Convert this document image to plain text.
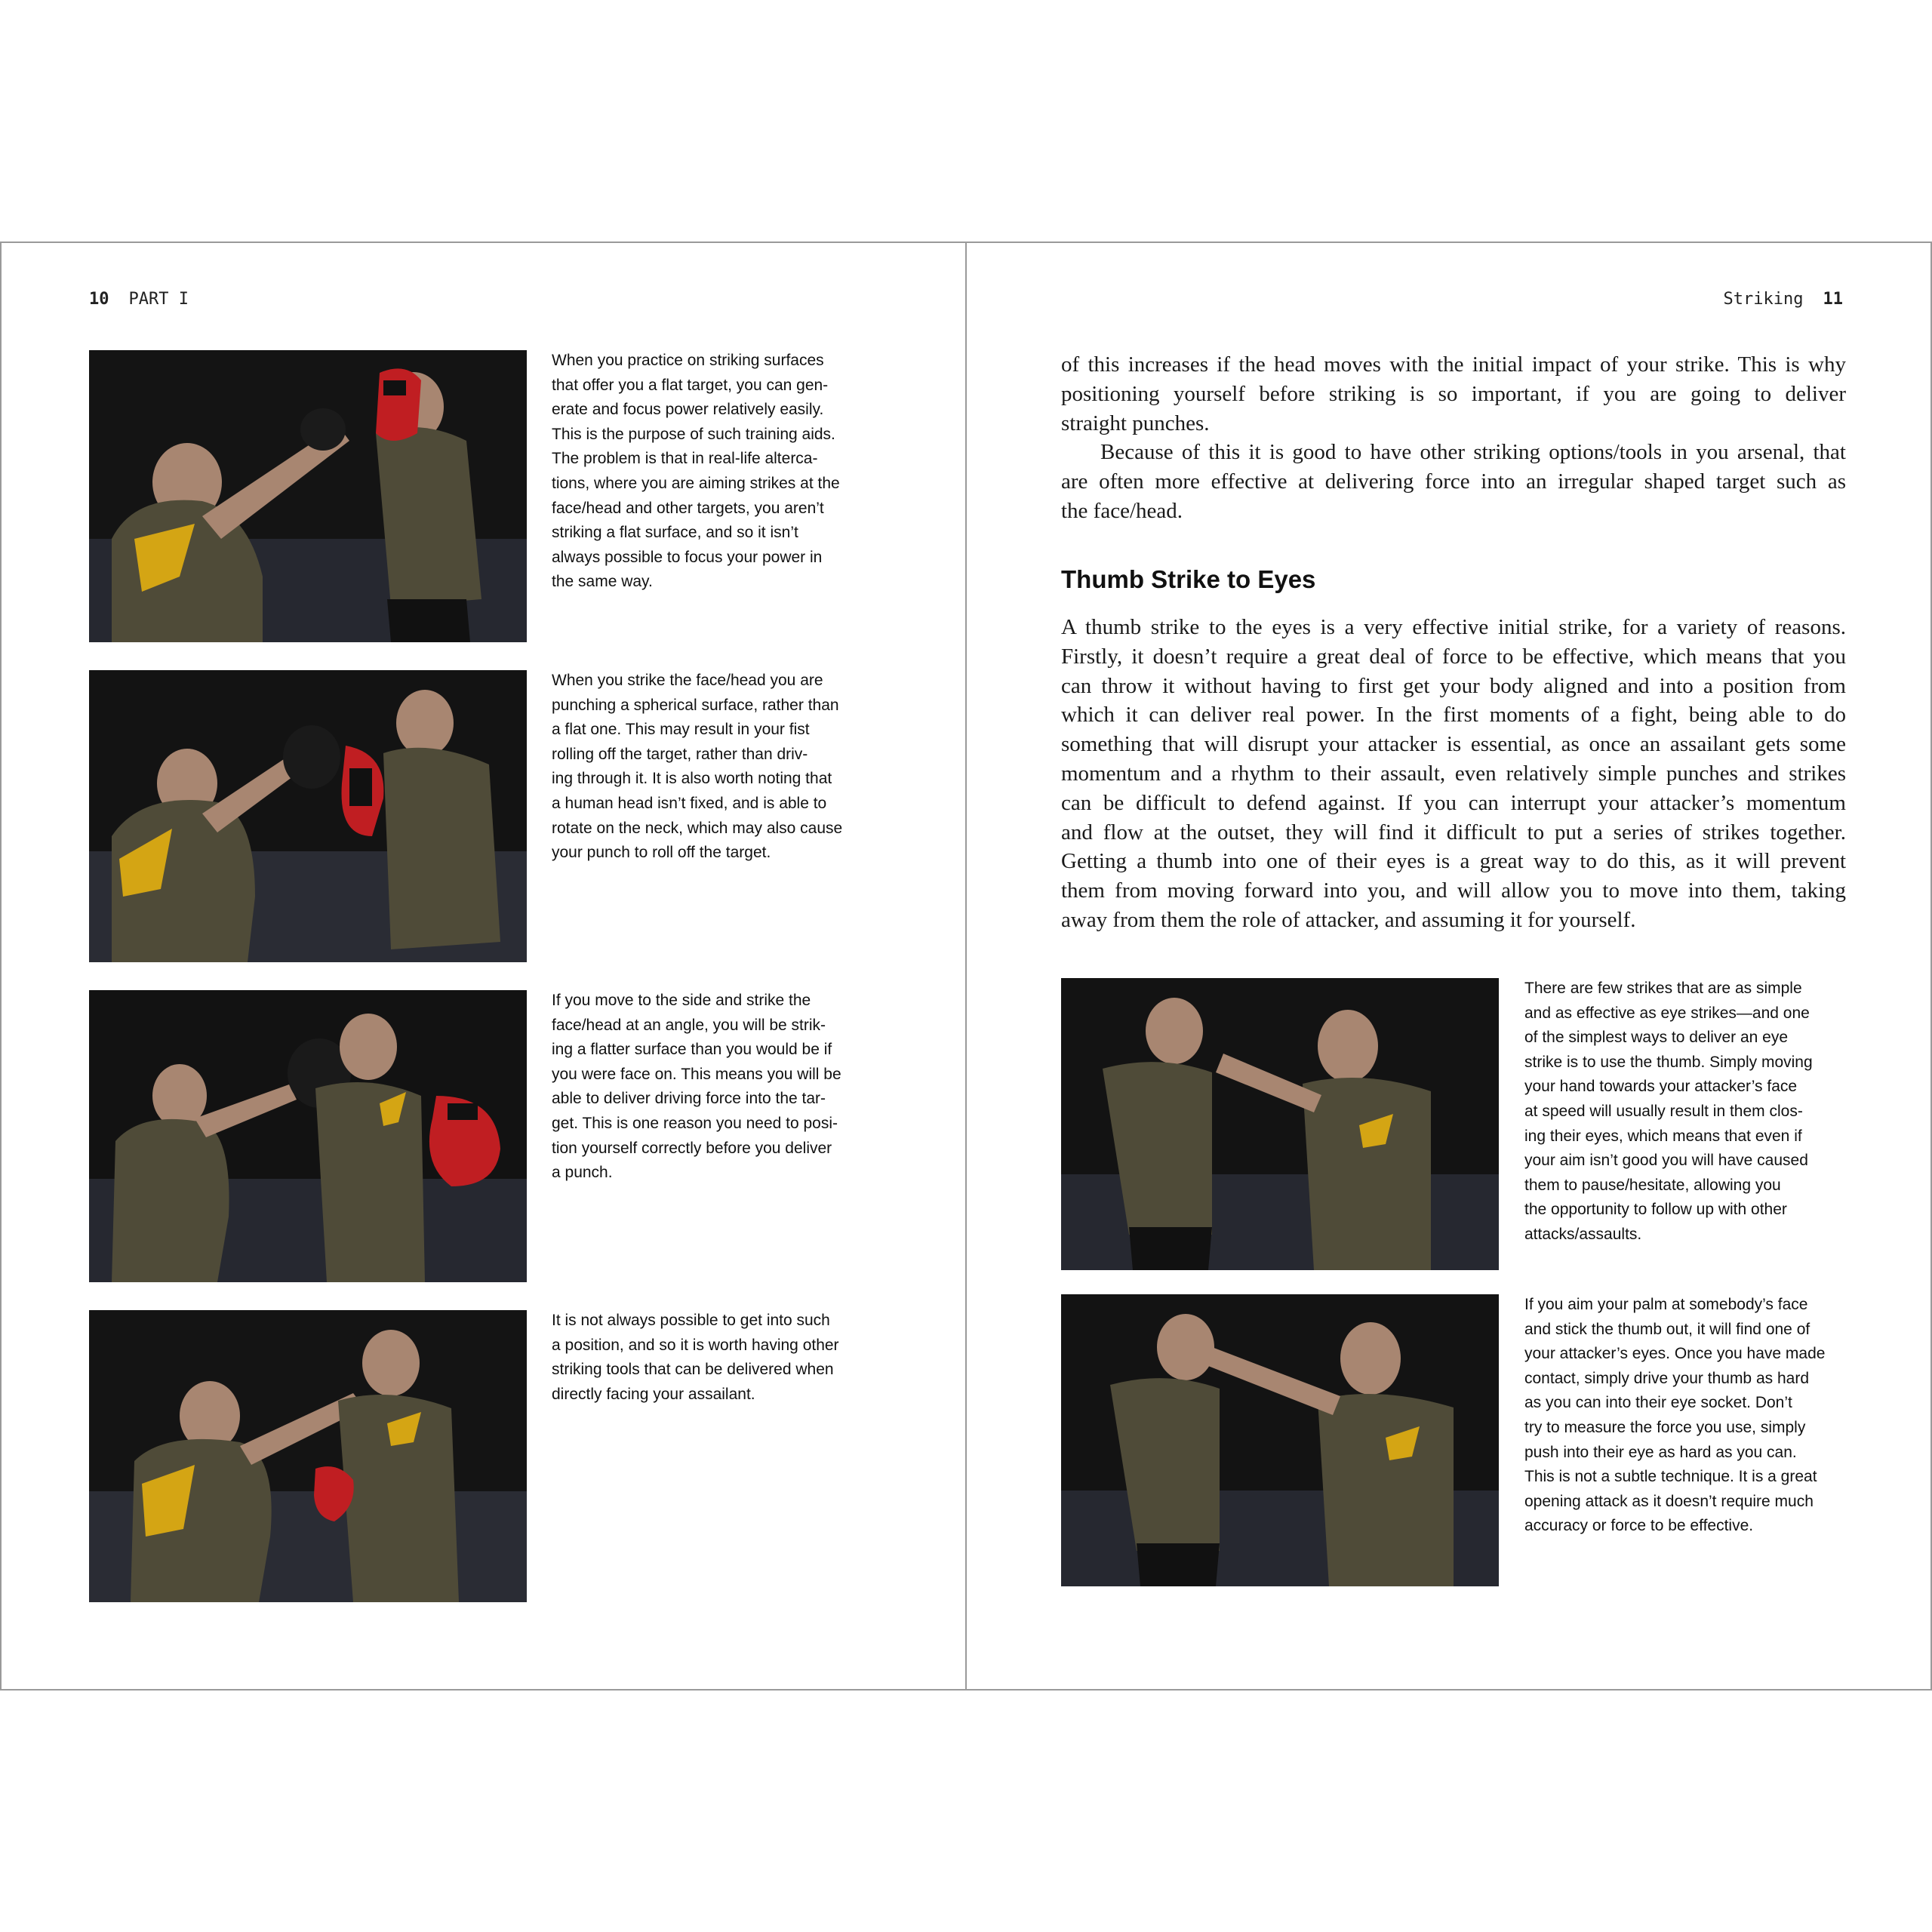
10 PART I
When you practice on striking surfaces
that offer you a flat target, you can gen-
erate and focus power relatively easily.
This is the purpose of such training aids.
The problem is that in real-life alterca-
tions, where you are aiming strikes at the
face/head and other targets, you aren’t
striking a flat surface, and so it isn’t
always possible to focus your power in
the same way.
When you strike the face/head you are
punching a spherical surface, rather than
a flat one. This may result in your fist
rolling off the target, rather than driv-
ing through it. It is also worth noting that
a human head isn’t fixed, and is able to
rotate on the neck, which may also cause
your punch to roll off the target.
If you move to the side and strike the
face/head at an angle, you will be strik-
ing a flatter surface than you would be if
you were face on. This means you will be
able to deliver driving force into the tar-
get. This is one reason you need to posi-
tion yourself correctly before you deliver
a punch.
It is not always possible to get into such
a position, and so it is worth having other
striking tools that can be delivered when
directly facing your assailant.
Striking 11
of this increases if the head moves with the initial impact of your strike. This is why
positioning yourself before striking is so important, if you are going to deliver
straight punches.
Because of this it is good to have other striking options/tools in you arsenal, that
are often more effective at delivering force into an irregular shaped target such as
the face/head.
Thumb Strike to Eyes
A thumb strike to the eyes is a very effective initial strike, for a variety of reasons.
Firstly, it doesn’t require a great deal of force to be effective, which means that you
can throw it without having to first get your body aligned and into a position from
which it can deliver real power. In the first moments of a fight, being able to do
something that will disrupt your attacker is essential, as once an assailant gets some
momentum and a rhythm to their assault, even relatively simple punches and strikes
can be difficult to defend against. If you can interrupt your attacker’s momentum
and flow at the outset, they will find it difficult to put a series of strikes together.
Getting a thumb into one of their eyes is a great way to do this, as it will prevent
them from moving forward into you, and will allow you to move into them, taking
away from them the role of attacker, and assuming it for yourself.
There are few strikes that are as simple
and as effective as eye strikes—and one
of the simplest ways to deliver an eye
strike is to use the thumb. Simply moving
your hand towards your attacker’s face
at speed will usually result in them clos-
ing their eyes, which means that even if
your aim isn’t good you will have caused
them to pause/hesitate, allowing you
the opportunity to follow up with other
attacks/assaults.
If you aim your palm at somebody’s face
and stick the thumb out, it will find one of
your attacker’s eyes. Once you have made
contact, simply drive your thumb as hard
as you can into their eye socket. Don’t
try to measure the force you use, simply
push into their eye as hard as you can.
This is not a subtle technique. It is a great
opening attack as it doesn’t require much
accuracy or force to be effective.
